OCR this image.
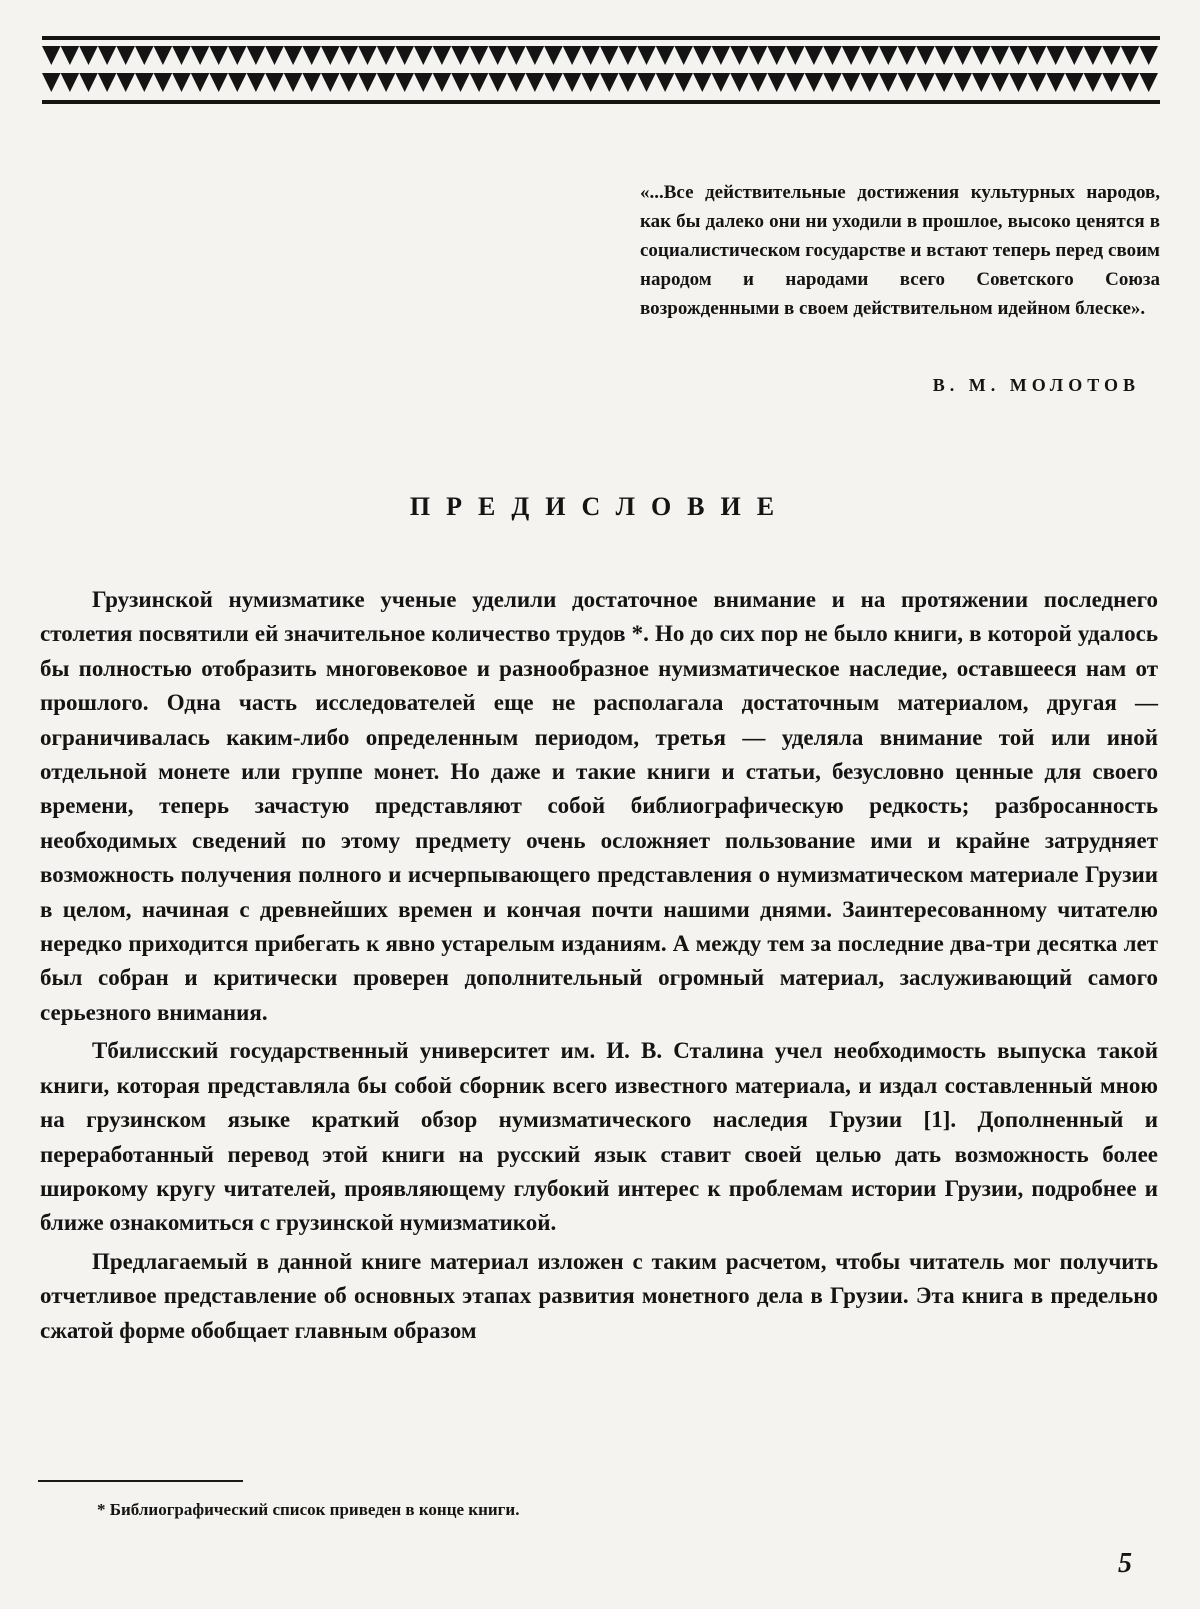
«...Все действительные достижения культурных народов, как бы далеко они ни уходили в прошлое, высоко ценятся в социалистическом государстве и встают теперь перед своим народом и народами всего Советского Союза возрожденными в своем действительном идейном блеске».
В. М. МОЛОТОВ
ПРЕДИСЛОВИЕ

Грузинской нумизматике ученые уделили достаточное внимание и на протяжении последнего столетия посвятили ей значительное количество трудов *. Но до сих пор не было книги, в которой удалось бы полностью отобразить многовековое и разнообразное нумизматическое наследие, оставшееся нам от прошлого. Одна часть исследователей еще не располагала достаточным материалом, другая — ограничивалась каким-либо определенным периодом, третья — уделяла внимание той или иной отдельной монете или группе монет. Но даже и такие книги и статьи, безусловно ценные для своего времени, теперь зачастую представляют собой библиографическую редкость; разбросанность необходимых сведений по этому предмету очень осложняет пользование ими и крайне затрудняет возможность получения полного и исчерпывающего представления о нумизматическом материале Грузии в целом, начиная с древнейших времен и кончая почти нашими днями. Заинтересованному читателю нередко приходится прибегать к явно устарелым изданиям. А между тем за последние два-три десятка лет был собран и критически проверен дополнительный огромный материал, заслуживающий самого серьезного внимания.

Тбилисский государственный университет им. И. В. Сталина учел необходимость выпуска такой книги, которая представляла бы собой сборник всего известного материала, и издал составленный мною на грузинском языке краткий обзор нумизматического наследия Грузии [1]. Дополненный и переработанный перевод этой книги на русский язык ставит своей целью дать возможность более широкому кругу читателей, проявляющему глубокий интерес к проблемам истории Грузии, подробнее и ближе ознакомиться с грузинской нумизматикой.

Предлагаемый в данной книге материал изложен с таким расчетом, чтобы читатель мог получить отчетливое представление об основных этапах развития монетного дела в Грузии. Эта книга в предельно сжатой форме обобщает главным образом

* Библиографический список приведен в конце книги.
5
